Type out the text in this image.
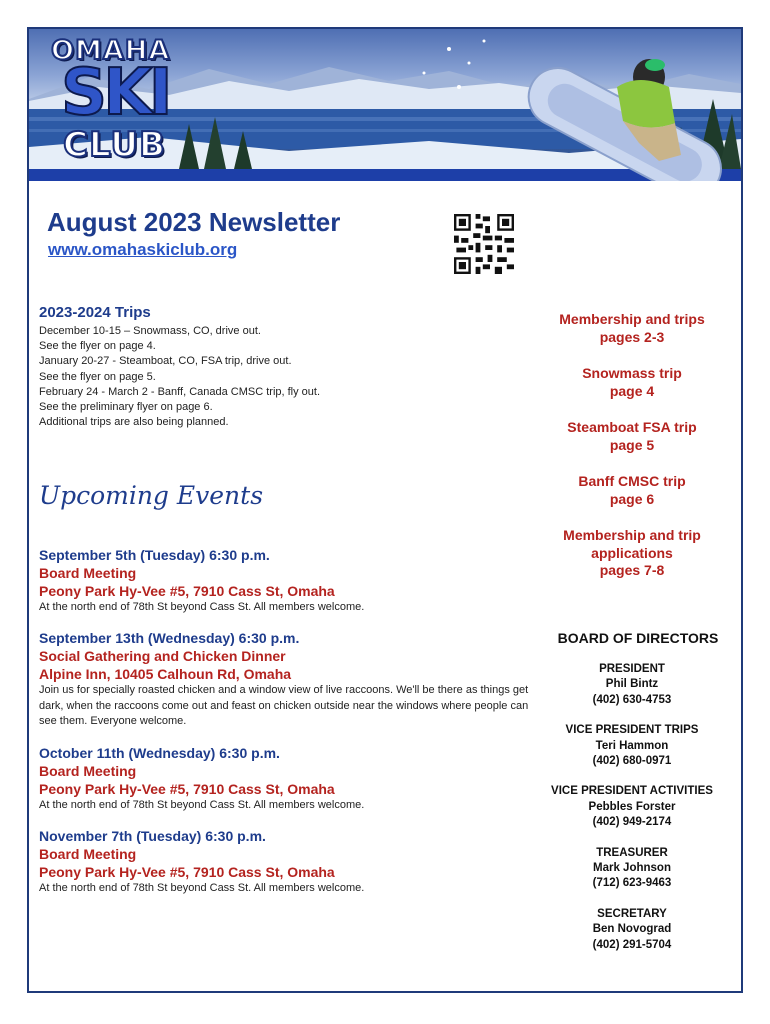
OMAHA
SKI
CLUB
August 2023 Newsletter
www.omahaskiclub.org
2023-2024 Trips
December 10-15 – Snowmass, CO, drive out.
See the flyer on page 4.
January 20-27 - Steamboat, CO, FSA trip, drive out.
See the flyer on page 5.
February 24 - March 2 - Banff, Canada CMSC trip, fly out.
See the preliminary flyer on page 6.
Additional trips are also being planned.
Membership and trips
pages 2-3
Snowmass trip
page 4
Steamboat FSA trip
page 5
Banff CMSC trip
page 6
Membership and trip
applications
pages 7-8
BOARD OF DIRECTORS
PRESIDENT
Phil Bintz
(402) 630-4753
VICE PRESIDENT TRIPS
Teri Hammon
(402) 680-0971
VICE PRESIDENT ACTIVITIES
Pebbles Forster
(402) 949-2174
TREASURER
Mark Johnson
(712) 623-9463
SECRETARY
Ben Novograd
(402) 291-5704
Upcoming Events
September 5th (Tuesday) 6:30 p.m.
Board Meeting
Peony Park Hy-Vee #5, 7910 Cass St, Omaha
At the north end of 78th St beyond Cass St. All members welcome.
September 13th (Wednesday) 6:30 p.m.
Social Gathering and Chicken Dinner
Alpine Inn, 10405 Calhoun Rd, Omaha
Join us for specially roasted chicken and a window view of live raccoons. We'll be there as things get dark, when the raccoons come out and feast on chicken outside near the windows where people can see them. Everyone welcome.
October 11th (Wednesday) 6:30 p.m.
Board Meeting
Peony Park Hy-Vee #5, 7910 Cass St, Omaha
At the north end of 78th St beyond Cass St. All members welcome.
November 7th (Tuesday) 6:30 p.m.
Board Meeting
Peony Park Hy-Vee #5, 7910 Cass St, Omaha
At the north end of 78th St beyond Cass St. All members welcome.
